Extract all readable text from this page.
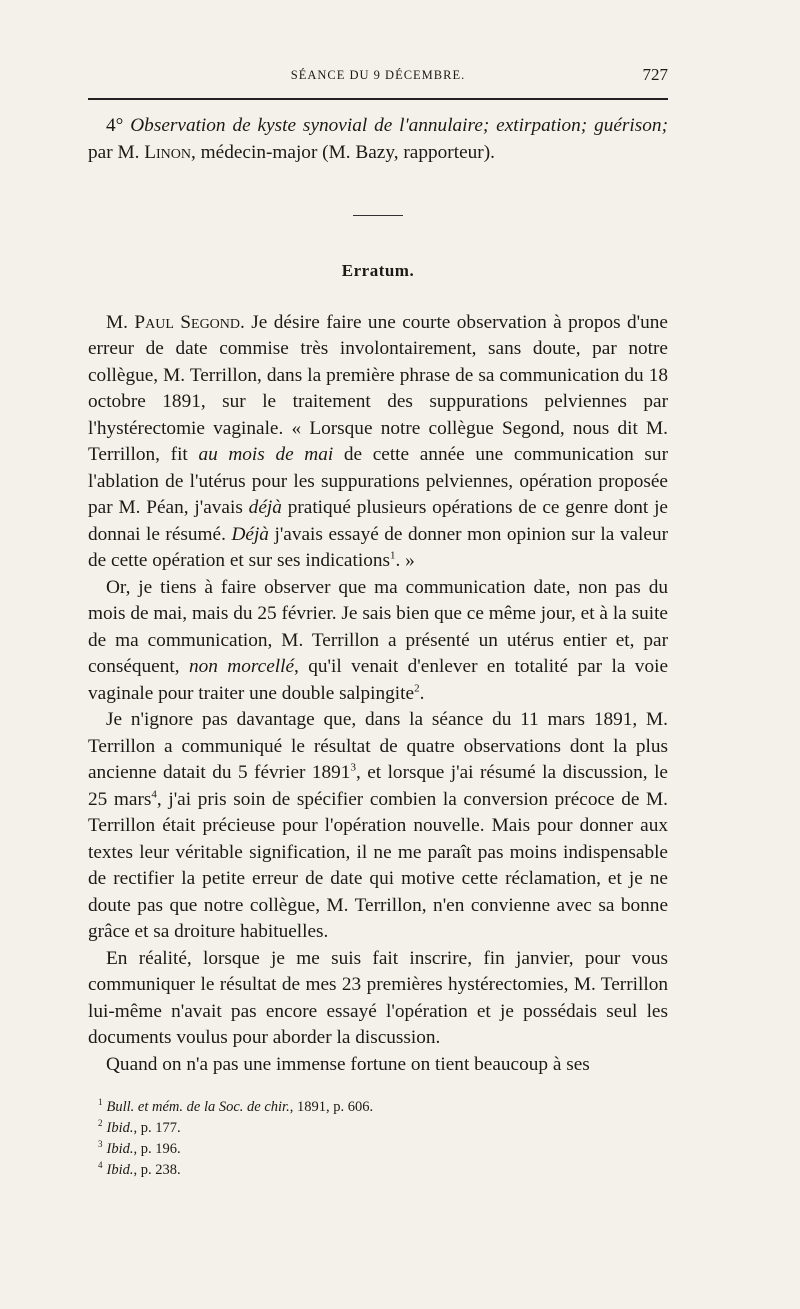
SÉANCE DU 9 DÉCEMBRE.	727

4° Observation de kyste synovial de l'annulaire; extirpation; guérison; par M. Linon, médecin-major (M. Bazy, rapporteur).

Erratum.

M. Paul Segond. Je désire faire une courte observation à propos d'une erreur de date commise très involontairement, sans doute, par notre collègue, M. Terrillon, dans la première phrase de sa communication du 18 octobre 1891, sur le traitement des suppurations pelviennes par l'hystérectomie vaginale. « Lorsque notre collègue Segond, nous dit M. Terrillon, fit au mois de mai de cette année une communication sur l'ablation de l'utérus pour les suppurations pelviennes, opération proposée par M. Péan, j'avais déjà pratiqué plusieurs opérations de ce genre dont je donnai le résumé. Déjà j'avais essayé de donner mon opinion sur la valeur de cette opération et sur ses indications$^1$. »

Or, je tiens à faire observer que ma communication date, non pas du mois de mai, mais du 25 février. Je sais bien que ce même jour, et à la suite de ma communication, M. Terrillon a présenté un utérus entier et, par conséquent, non morcellé, qu'il venait d'enlever en totalité par la voie vaginale pour traiter une double salpingite$^2$.

Je n'ignore pas davantage que, dans la séance du 11 mars 1891, M. Terrillon a communiqué le résultat de quatre observations dont la plus ancienne datait du 5 février 1891$^3$, et lorsque j'ai résumé la discussion, le 25 mars$^4$, j'ai pris soin de spécifier combien la conversion précoce de M. Terrillon était précieuse pour l'opération nouvelle. Mais pour donner aux textes leur véritable signification, il ne me paraît pas moins indispensable de rectifier la petite erreur de date qui motive cette réclamation, et je ne doute pas que notre collègue, M. Terrillon, n'en convienne avec sa bonne grâce et sa droiture habituelles.

En réalité, lorsque je me suis fait inscrire, fin janvier, pour vous communiquer le résultat de mes 23 premières hystérectomies, M. Terrillon lui-même n'avait pas encore essayé l'opération et je possédais seul les documents voulus pour aborder la discussion.

Quand on n'a pas une immense fortune on tient beaucoup à ses

$^1$ Bull. et mém. de la Soc. de chir., 1891, p. 606.
$^2$ Ibid., p. 177.
$^3$ Ibid., p. 196.
$^4$ Ibid., p. 238.
